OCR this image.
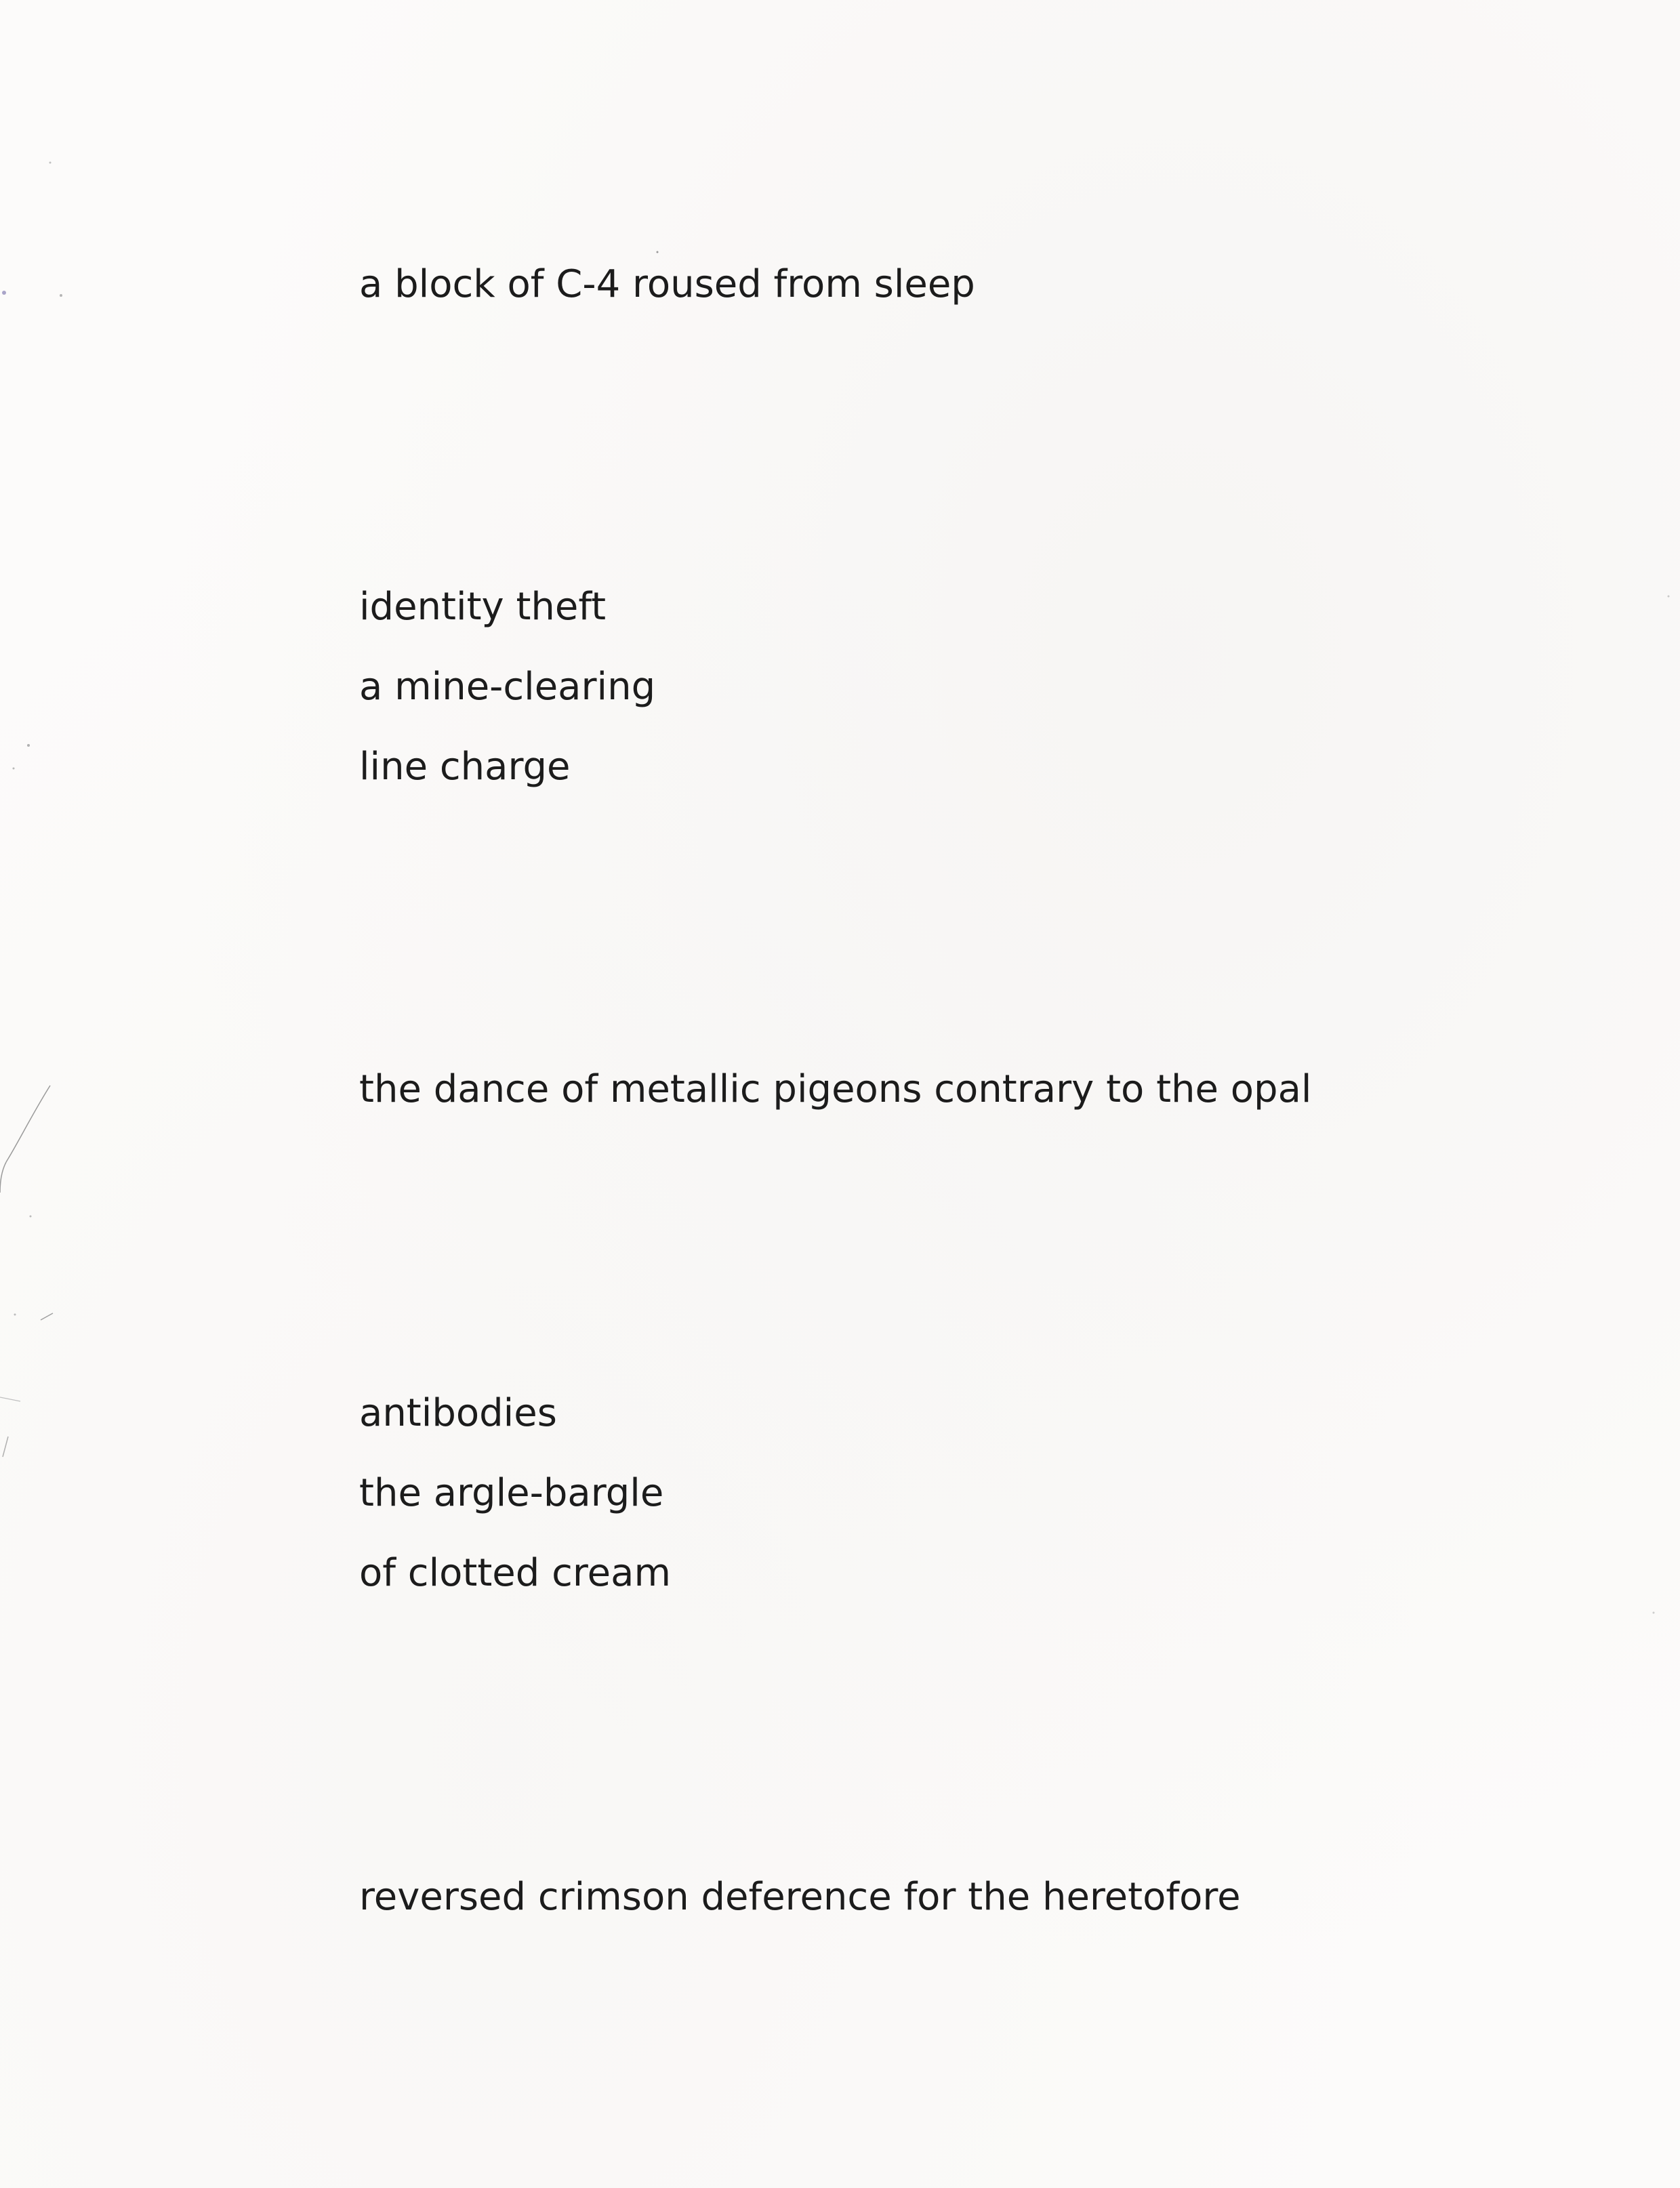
a block of C-4 roused from sleep
identity theft
a mine-clearing
line charge
the dance of metallic pigeons contrary to the opal
antibodies
the argle-bargle
of clotted cream
reversed crimson deference for the heretofore
